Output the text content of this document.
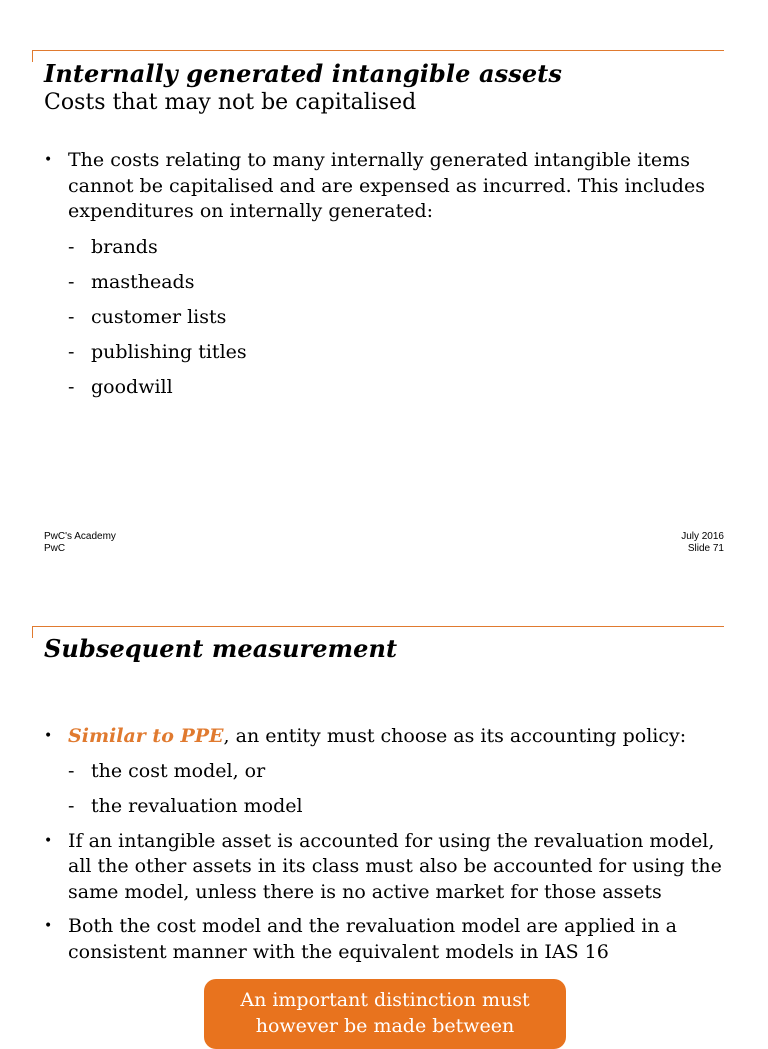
Internally generated intangible assets
Costs that may not be capitalised
• The costs relating to many internally generated intangible items cannot be capitalised and are expensed as incurred. This includes expenditures on internally generated:
- brands
- mastheads
- customer lists
- publishing titles
- goodwill
PwC's Academy
PwC
July 2016
Slide 71
Subsequent measurement
• Similar to PPE, an entity must choose as its accounting policy:
- the cost model, or
- the revaluation model
• If an intangible asset is accounted for using the revaluation model, all the other assets in its class must also be accounted for using the same model, unless there is no active market for those assets
• Both the cost model and the revaluation model are applied in a consistent manner with the equivalent models in IAS 16
An important distinction must
however be made between
